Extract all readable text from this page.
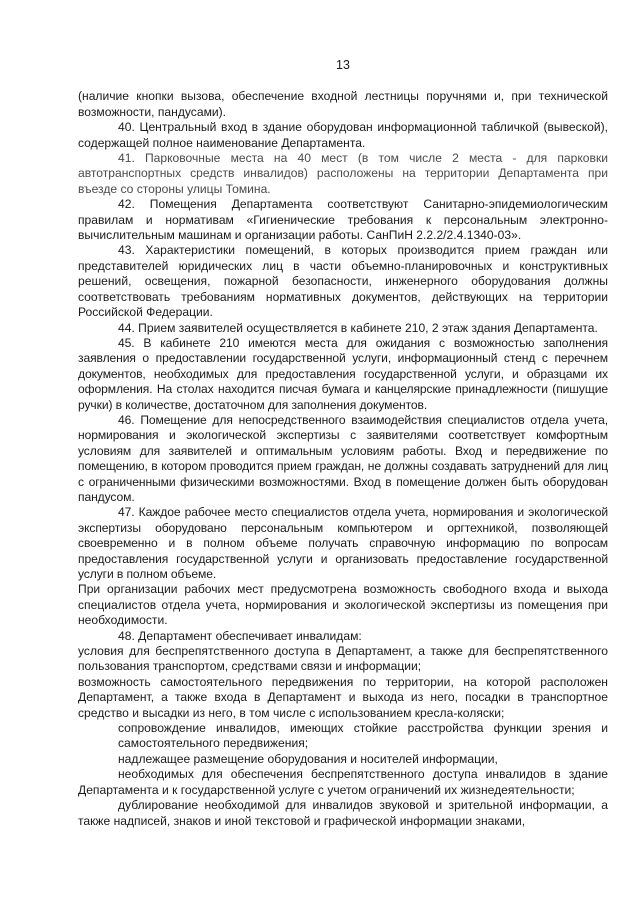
13

(наличие кнопки вызова, обеспечение входной лестницы поручнями и, при технической возможности, пандусами).

40. Центральный вход в здание оборудован информационной табличкой (вывеской), содержащей полное наименование Департамента.

41. Парковочные места на 40 мест (в том числе 2 места - для парковки автотранспортных средств инвалидов) расположены на территории Департамента при въезде со стороны улицы Томина.

42. Помещения Департамента соответствуют Санитарно-эпидемиологическим правилам и нормативам «Гигиенические требования к персональным электронно-вычислительным машинам и организации работы. СанПиН 2.2.2/2.4.1340-03».

43. Характеристики помещений, в которых производится прием граждан или представителей юридических лиц в части объемно-планировочных и конструктивных решений, освещения, пожарной безопасности, инженерного оборудования должны соответствовать требованиям нормативных документов, действующих на территории Российской Федерации.

44. Прием заявителей осуществляется в кабинете 210, 2 этаж здания Департамента.

45. В кабинете 210 имеются места для ожидания с возможностью заполнения заявления о предоставлении государственной услуги, информационный стенд с перечнем документов, необходимых для предоставления государственной услуги, и образцами их оформления. На столах находится писчая бумага и канцелярские принадлежности (пишущие ручки) в количестве, достаточном для заполнения документов.

46. Помещение для непосредственного взаимодействия специалистов отдела учета, нормирования и экологической экспертизы с заявителями соответствует комфортным условиям для заявителей и оптимальным условиям работы. Вход и передвижение по помещению, в котором проводится прием граждан, не должны создавать затруднений для лиц с ограниченными физическими возможностями. Вход в помещение должен быть оборудован пандусом.

47. Каждое рабочее место специалистов отдела учета, нормирования и экологической экспертизы оборудовано персональным компьютером и оргтехникой, позволяющей своевременно и в полном объеме получать справочную информацию по вопросам предоставления государственной услуги и организовать предоставление государственной услуги в полном объеме.

При организации рабочих мест предусмотрена возможность свободного входа и выхода специалистов отдела учета, нормирования и экологической экспертизы из помещения при необходимости.

48. Департамент обеспечивает инвалидам:

условия для беспрепятственного доступа в Департамент, а также для беспрепятственного пользования транспортом, средствами связи и информации;

возможность самостоятельного передвижения по территории, на которой расположен Департамент, а также входа в Департамент и выхода из него, посадки в транспортное средство и высадки из него, в том числе с использованием кресла-коляски;

сопровождение инвалидов, имеющих стойкие расстройства функции зрения и самостоятельного передвижения;

надлежащее размещение оборудования и носителей информации,

необходимых для обеспечения беспрепятственного доступа инвалидов в здание Департамента и к государственной услуге с учетом ограничений их жизнедеятельности;

дублирование необходимой для инвалидов звуковой и зрительной информации, а также надписей, знаков и иной текстовой и графической информации знаками,
